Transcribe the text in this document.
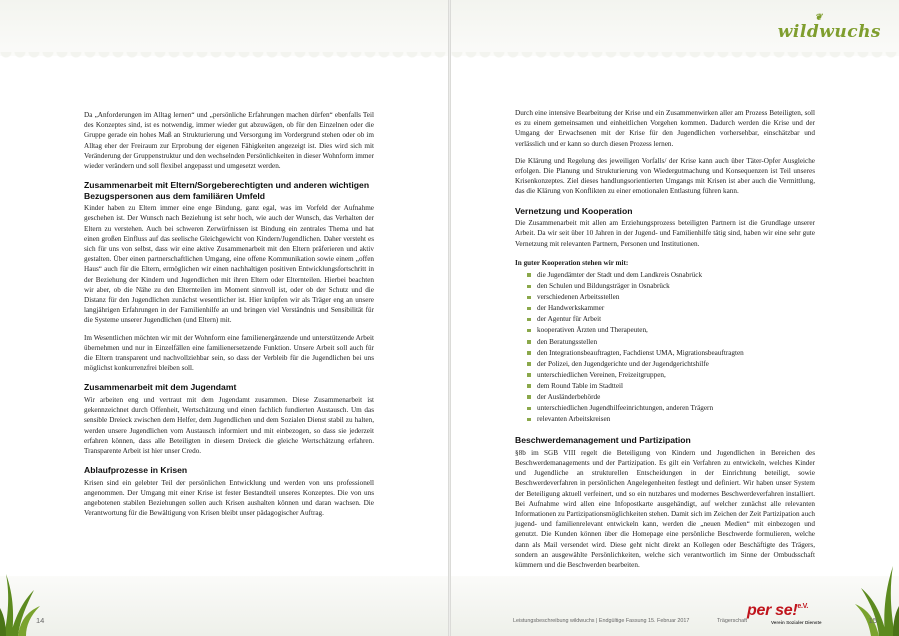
Da „Anforderungen im Alltag lernen“ und „persönliche Erfahrungen machen dürfen“ ebenfalls Teil des Konzeptes sind, ist es notwendig, immer wieder gut abzuwägen, ob für den Einzelnen oder die Gruppe gerade ein hohes Maß an Strukturierung und Versorgung im Vordergrund stehen oder ob im Alltag eher der Freiraum zur Erprobung der eigenen Fähigkeiten angezeigt ist. Dies wird sich mit Veränderung der Gruppenstruktur und den wechselnden Persönlichkeiten in dieser Wohnform immer wieder verändern und soll flexibel angepasst und umgesetzt werden.

Zusammenarbeit mit Eltern/Sorgeberechtigten und anderen wichtigen Bezugspersonen aus dem familiären Umfeld

Kinder haben zu Eltern immer eine enge Bindung, ganz egal, was im Vorfeld der Aufnahme geschehen ist. Der Wunsch nach Beziehung ist sehr hoch, wie auch der Wunsch, das Verhalten der Eltern zu verstehen. Auch bei schweren Zerwürfnissen ist Bindung ein zentrales Thema und hat einen großen Einfluss auf das seelische Gleichgewicht von Kindern/Jugendlichen. Daher versteht es sich für uns von selbst, dass wir eine aktive Zusammenarbeit mit den Eltern präferieren und aktiv gestalten. Über einen partnerschaftlichen Umgang, eine offene Kommunikation sowie einem „offen Haus“ auch für die Eltern, ermöglichen wir einen nachhaltigen positiven Entwicklungsfortschritt in der Beziehung der Kindern und Jugendlichen mit ihren Eltern oder Elternteilen. Hierbei beachten wir aber, ob die Nähe zu den Elternteilen im Moment sinnvoll ist, oder ob der Schutz und die Distanz für den Jugendlichen zunächst wesentlicher ist. Hier knüpfen wir als Träger eng an unsere langjährigen Erfahrungen in der Familienhilfe an und bringen viel Verständnis und Sensibilität für die Systeme unserer Jugendlichen (und Eltern) mit.

Im Wesentlichen möchten wir mit der Wohnform eine familienergänzende und unterstützende Arbeit übernehmen und nur in Einzelfällen eine familienersetzende Funktion. Unsere Arbeit soll auch für die Eltern transparent und nachvollziehbar sein, so dass der Verbleib für die Jugendlichen bei uns möglichst konkurrenzfrei bleiben soll.

Zusammenarbeit mit dem Jugendamt

Wir arbeiten eng und vertraut mit dem Jugendamt zusammen. Diese Zusammenarbeit ist gekennzeichnet durch Offenheit, Wertschätzung und einen fachlich fundierten Austausch. Um das sensible Dreieck zwischen dem Helfer, dem Jugendlichen und dem Sozialen Dienst stabil zu halten, werden unsere Jugendlichen vom Austausch informiert und mit einbezogen, so dass sie jederzeit erfahren können, dass alle Beteiligten in diesem Dreieck die gleiche Wertschätzung erfahren. Transparente Arbeit ist hier unser Credo.

Ablaufprozesse in Krisen

Krisen sind ein gelebter Teil der persönlichen Entwicklung und werden von uns professionell angenommen. Der Umgang mit einer Krise ist fester Bestandteil unseres Konzeptes. Die von uns angebotenen stabilen Beziehungen sollen auch Krisen aushalten können und daran wachsen. Die Verantwortung für die Bewältigung von Krisen bleibt unser pädagogischer Auftrag.

14
wildwuchs
❦

Durch eine intensive Bearbeitung der Krise und ein Zusammenwirken aller am Prozess Beteiligten, soll es zu einem gemeinsamen und einheitlichen Vorgehen kommen. Dadurch werden die Krise und der Umgang der Erwachsenen mit der Krise für den Jugendlichen vorhersehbar, einschätzbar und verlässlich und er kann so durch diesen Prozess lernen.

Die Klärung und Regelung des jeweiligen Vorfalls/ der Krise kann auch über Täter-Opfer Ausgleiche erfolgen. Die Planung und Strukturierung von Wiedergutmachung und Konsequenzen ist Teil unseres Krisenkonzeptes. Ziel dieses handlungsorientierten Umgangs mit Krisen ist aber auch die Vermittlung, das die Klärung von Konflikten zu einer emotionalen Entlastung führen kann.

Vernetzung und Kooperation

Die Zusammenarbeit mit allen am Erziehungsprozess beteiligten Partnern ist die Grundlage unserer Arbeit. Da wir seit über 10 Jahren in der Jugend- und Familienhilfe tätig sind, haben wir eine sehr gute Vernetzung mit relevanten Partnern, Personen und Institutionen.

In guter Kooperation stehen wir mit:
die Jugendämter der Stadt und dem Landkreis Osnabrück
den Schulen und Bildungsträger in Osnabrück
verschiedenen Arbeitsstellen
der Handwerkskammer
der Agentur für Arbeit
kooperativen Ärzten und Therapeuten,
den Beratungsstellen
den Integrationsbeauftragten, Fachdienst UMA, Migrationsbeauftragten
der Polizei, den Jugendgerichte und der Jugendgerichtshilfe
unterschiedlichen Vereinen, Freizeitgruppen,
dem Round Table im Stadtteil
der Ausländerbehörde
unterschiedlichen Jugendhilfeeinrichtungen, anderen Trägern
relevanten Arbeitskreisen
Beschwerdemanagement und Partizipation

§8b im SGB VIII regelt die Beteiligung von Kindern und Jugendlichen in Bereichen des Beschwerdemanagements und der Partizipation. Es gilt ein Verfahren zu entwickeln, welches Kinder und Jugendliche an strukturellen Entscheidungen in der Einrichtung beteiligt, sowie Beschwerdeverfahren in persönlichen Angelegenheiten festlegt und definiert. Wir haben unser System der Beteiligung aktuell verfeinert, und so ein nutzbares und modernes Beschwerdeverfahren installiert. Bei Aufnahme wird allen eine Infopostkarte ausgehändigt, auf welcher zunächst alle relevanten Informationen zu Partizipationsmöglichkeiten stehen. Damit sich im Zeichen der Zeit Partizipation auch jugend- und familienrelevant entwickeln kann, werden die „neuen Medien“ mit einbezogen und genutzt. Die Kunden können über die Homepage eine persönliche Beschwerde formulieren, welche dann als Mail versendet wird. Diese geht nicht direkt an Kollegen oder Beschäftigte des Trägers, sondern an ausgewählte Persönlichkeiten, welche sich verantwortlich im Sinne der Ombudsschaft kümmern und die Beschwerden bearbeiten.

Leistungsbeschreibung wildwuchs | Endgültige Fassung 15. Februar 2017	Trägerschaft
per se!$^{e.V.}$
Verein Sozialer Dienste	15
